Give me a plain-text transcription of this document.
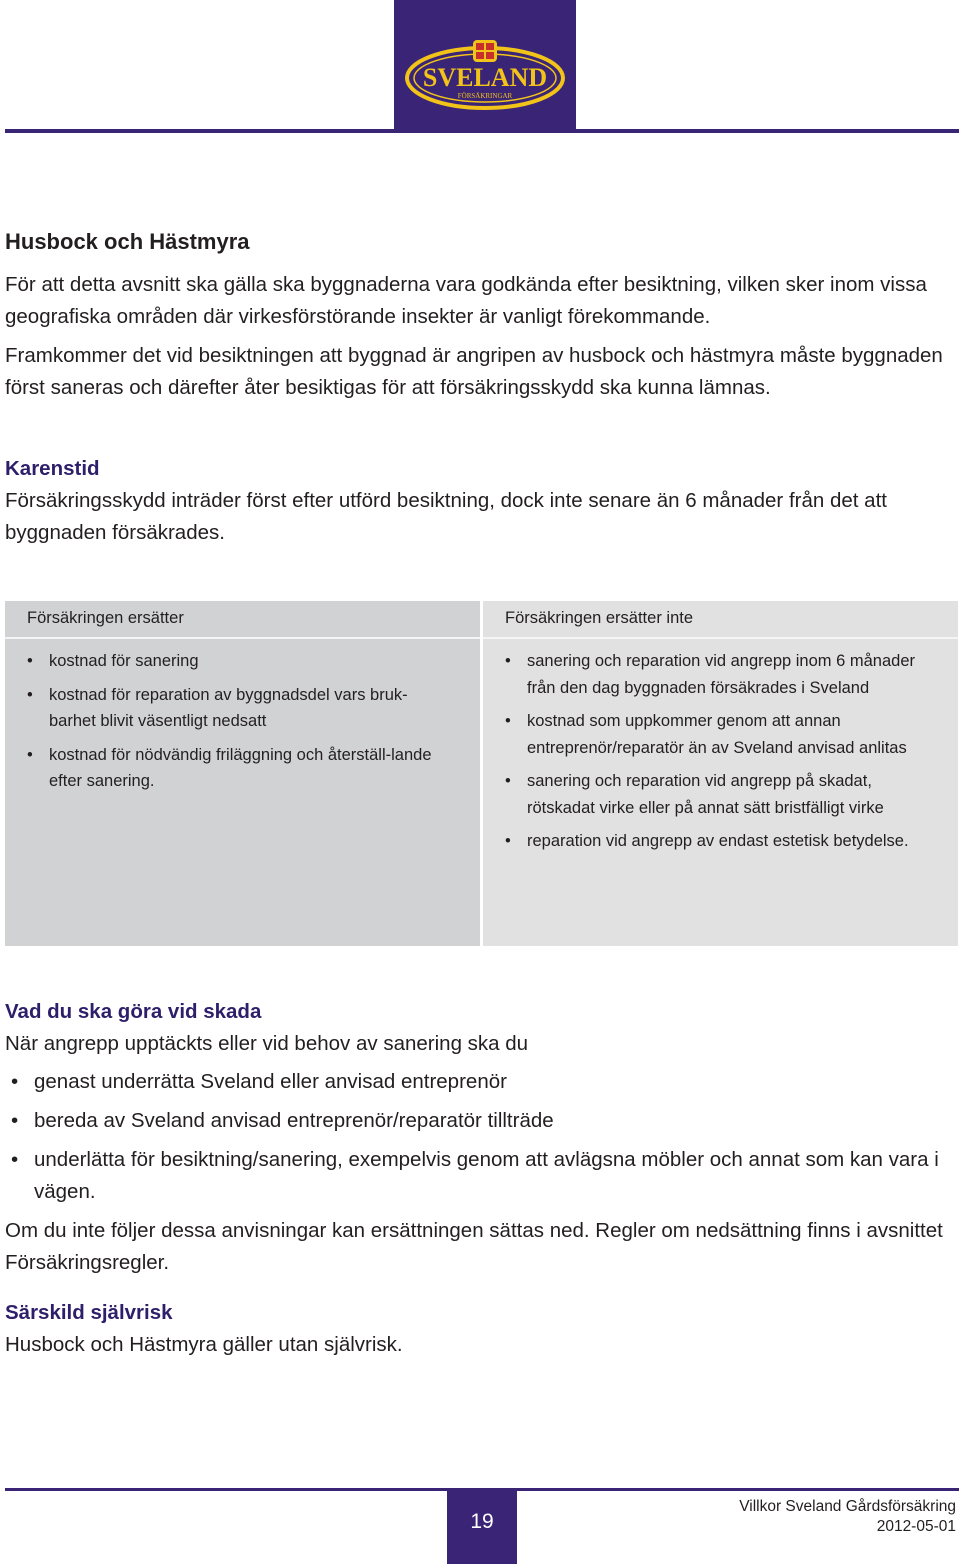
SVELAND
FÖRSÄKRINGAR
Husbock och Hästmyra

För att detta avsnitt ska gälla ska byggnaderna vara godkända efter besiktning, vilken sker inom vissa geografiska områden där virkesförstörande insekter är vanligt förekommande.

Framkommer det vid besiktningen att byggnad är angripen av husbock och hästmyra måste byggnaden först saneras och därefter åter besiktigas för att försäkringsskydd ska kunna lämnas.

Karenstid

Försäkringsskydd inträder först efter utförd besiktning, dock inte senare än 6 månader från det att byggnaden försäkrades.

Försäkringen ersätter
• kostnad för sanering
• kostnad för reparation av byggnadsdel vars bruk-barhet blivit väsentligt nedsatt
• kostnad för nödvändig friläggning och återställ-lande efter sanering.
Försäkringen ersätter inte
• sanering och reparation vid angrepp inom 6 månader från den dag byggnaden försäkrades i Sveland
• kostnad som uppkommer genom att annan entreprenör/reparatör än av Sveland anvisad anlitas
• sanering och reparation vid angrepp på skadat, rötskadat virke eller på annat sätt bristfälligt virke
• reparation vid angrepp av endast estetisk betydelse.
Vad du ska göra vid skada

När angrepp upptäckts eller vid behov av sanering ska du

• genast underrätta Sveland eller anvisad entreprenör
• bereda av Sveland anvisad entreprenör/reparatör tillträde
• underlätta för besiktning/sanering, exempelvis genom att avlägsna möbler och annat som kan vara i vägen.

Om du inte följer dessa anvisningar kan ersättningen sättas ned. Regler om nedsättning finns i avsnittet Försäkringsregler.

Särskild självrisk

Husbock och Hästmyra gäller utan självrisk.

19
Villkor Sveland Gårdsförsäkring
2012-05-01
